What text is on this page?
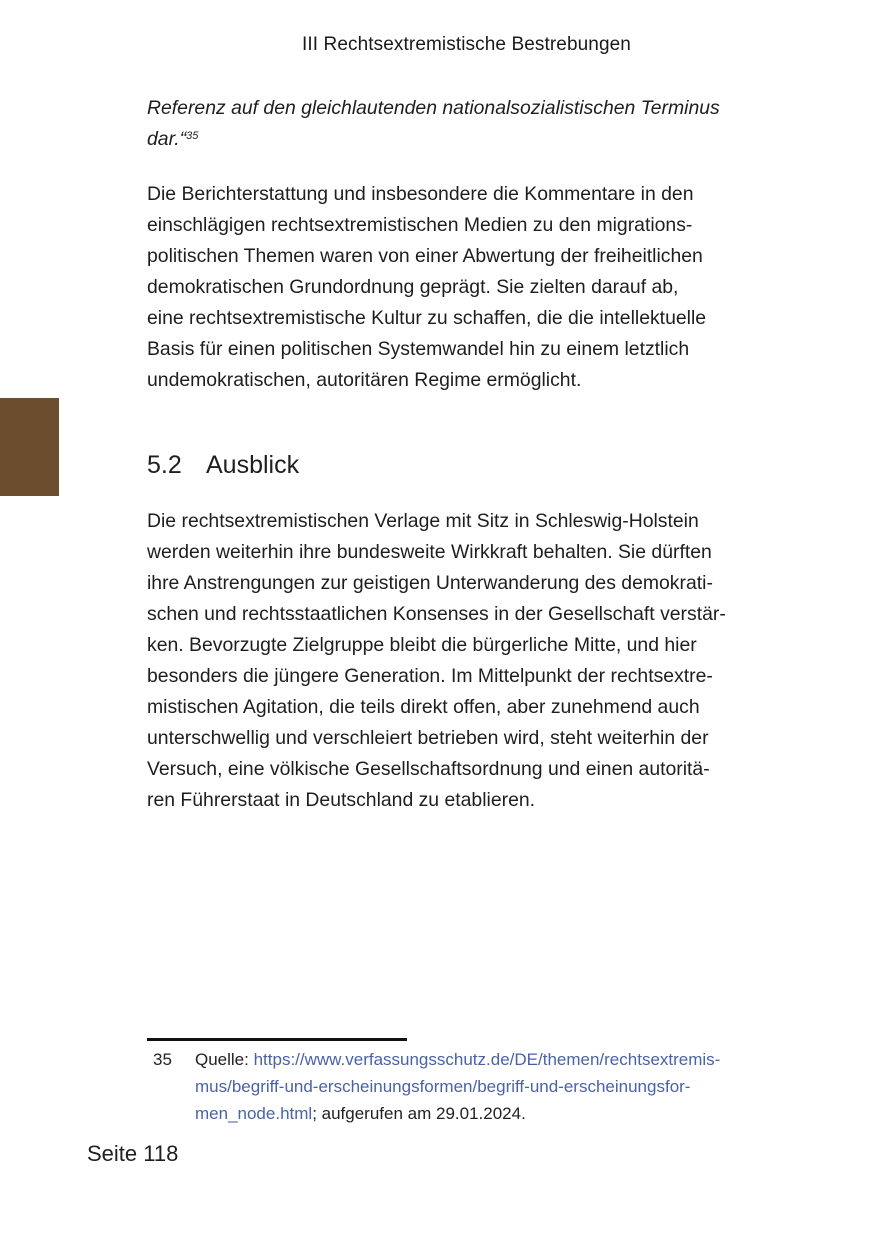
III Rechtsextremistische Bestrebungen
Referenz auf den gleichlautenden nationalsozialistischen Terminus
dar.“$^{35}$
Die Berichterstattung und insbesondere die Kommentare in den
einschlägigen rechtsextremistischen Medien zu den migrations-
politischen Themen waren von einer Abwertung der freiheitlichen
demokratischen Grundordnung geprägt. Sie zielten darauf ab,
eine rechtsextremistische Kultur zu schaffen, die die intellektuelle
Basis für einen politischen Systemwandel hin zu einem letztlich
undemokratischen, autoritären Regime ermöglicht.
5.2 Ausblick
Die rechtsextremistischen Verlage mit Sitz in Schleswig-Holstein
werden weiterhin ihre bundesweite Wirkkraft behalten. Sie dürften
ihre Anstrengungen zur geistigen Unterwanderung des demokrati-
schen und rechtsstaatlichen Konsenses in der Gesellschaft verstär-
ken. Bevorzugte Zielgruppe bleibt die bürgerliche Mitte, und hier
besonders die jüngere Generation. Im Mittelpunkt der rechtsextre-
mistischen Agitation, die teils direkt offen, aber zunehmend auch
unterschwellig und verschleiert betrieben wird, steht weiterhin der
Versuch, eine völkische Gesellschaftsordnung und einen autoritä-
ren Führerstaat in Deutschland zu etablieren.
35 Quelle: https://www.verfassungsschutz.de/DE/themen/rechtsextremis-
mus/begriff-und-erscheinungsformen/begriff-und-erscheinungsfor-
men_node.html; aufgerufen am 29.01.2024.
Seite 118
